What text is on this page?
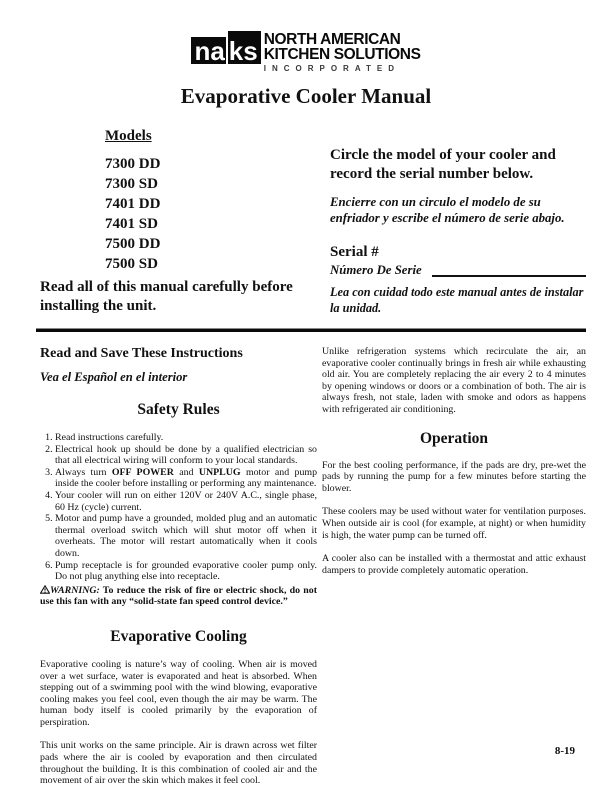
na ks NORTH AMERICAN
KITCHEN SOLUTIONS
INCORPORATED
Evaporative Cooler Manual
Models
7300 DD
7300 SD
7401 DD
7401 SD
7500 DD
7500 SD
Circle the model of your cooler and record the serial number below.
Encierre con un circulo el modelo de su enfriador y escribe el número de serie abajo.
Serial #
Número De Serie
Read all of this manual carefully before installing the unit.
Lea con cuidad todo este manual antes de instalar la unidad.
Read and Save These Instructions
Vea el Español en el interior
Safety Rules
1. Read instructions carefully.
2. Electrical hook up should be done by a qualified electrician so that all electrical wiring will conform to your local standards.
3. Always turn OFF POWER and UNPLUG motor and pump inside the cooler before installing or performing any maintenance.
4. Your cooler will run on either 120V or 240V A.C., single phase, 60 Hz (cycle) current.
5. Motor and pump have a grounded, molded plug and an automatic thermal overload switch which will shut motor off when it overheats. The motor will restart automatically when it cools down.
6. Pump receptacle is for grounded evaporative cooler pump only. Do not plug anything else into receptacle.

WARNING: To reduce the risk of fire or electric shock, do not use this fan with any “solid-state fan speed control device.”

Evaporative Cooling

Evaporative cooling is nature’s way of cooling. When air is moved over a wet surface, water is evaporated and heat is absorbed. When stepping out of a swimming pool with the wind blowing, evaporative cooling makes you feel cool, even though the air may be warm. The human body itself is cooled primarily by the evaporation of perspiration.

This unit works on the same principle. Air is drawn across wet filter pads where the air is cooled by evaporation and then circulated throughout the building. It is this combination of cooled air and the movement of air over the skin which makes it feel cool.

Unlike refrigeration systems which recirculate the air, an evaporative cooler continually brings in fresh air while exhausting old air. You are completely replacing the air every 2 to 4 minutes by opening windows or doors or a combination of both. The air is always fresh, not stale, laden with smoke and odors as happens with refrigerated air conditioning.

Operation

For the best cooling performance, if the pads are dry, pre-wet the pads by running the pump for a few minutes before starting the blower.

These coolers may be used without water for ventilation purposes. When outside air is cool (for example, at night) or when humidity is high, the water pump can be turned off.

A cooler also can be installed with a thermostat and attic exhaust dampers to provide completely automatic operation.

8-19
